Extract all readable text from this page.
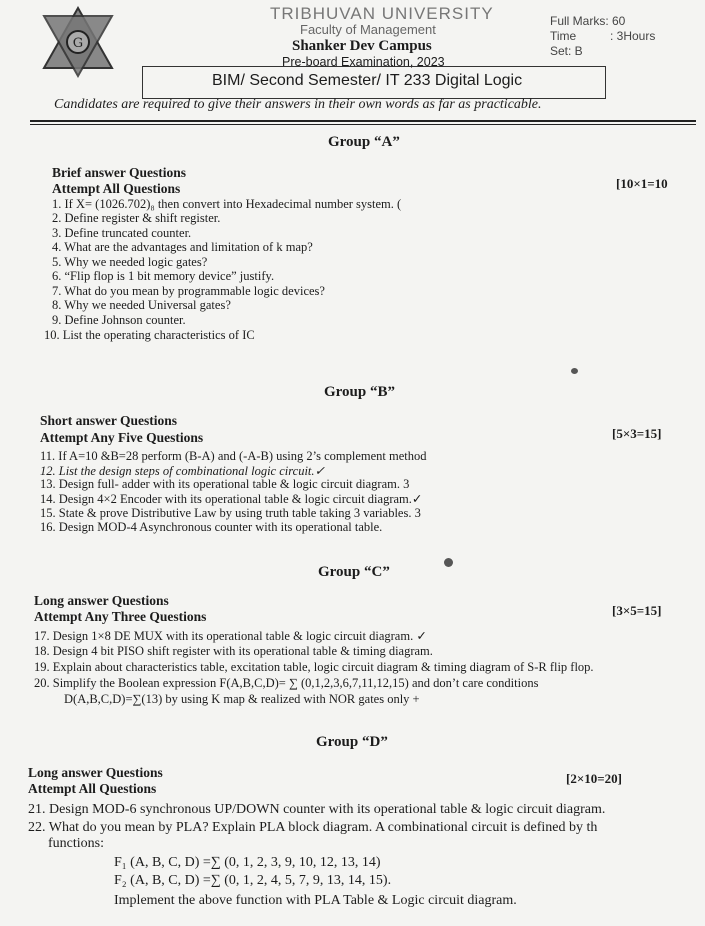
G
TRIBHUVAN UNIVERSITY
Faculty of Management
Shanker Dev Campus
Pre-board Examination, 2023
Full Marks: 60
Time	: 3Hours
Set: B
BIM/ Second Semester/ IT 233 Digital Logic
Candidates are required to give their answers in their own words as far as practicable.
Group “A”
Brief answer Questions
Attempt All Questions	[10×1=10
1. If X= (1026.702)₈ then convert into Hexadecimal number system. (
2. Define register & shift register.
3. Define truncated counter.
4. What are the advantages and limitation of k map?
5. Why we needed logic gates?
6. “Flip flop is 1 bit memory device” justify.
7. What do you mean by programmable logic devices?
8. Why we needed Universal gates?
9. Define Johnson counter.
10. List the operating characteristics of IC
Group “B”
Short answer Questions
Attempt Any Five Questions	[5×3=15]
11. If A=10 &B=28 perform (B-A) and (-A-B) using 2’s complement method
12. List the design steps of combinational logic circuit.✓
13. Design full- adder with its operational table & logic circuit diagram. 3
14. Design 4×2 Encoder with its operational table & logic circuit diagram.✓
15. State & prove Distributive Law by using truth table taking 3 variables. 3
16. Design MOD-4 Asynchronous counter with its operational table.
Group “C”
Long answer Questions
Attempt Any Three Questions	[3×5=15]
17. Design 1×8 DE MUX with its operational table & logic circuit diagram. ✓
18. Design 4 bit PISO shift register with its operational table & timing diagram.
19. Explain about characteristics table, excitation table, logic circuit diagram & timing diagram of S-R flip flop.
20. Simplify the Boolean expression F(A,B,C,D)= ∑ (0,1,2,3,6,7,11,12,15) and don’t care conditions
D(A,B,C,D)=∑(13) by using K map & realized with NOR gates only +
Group “D”
Long answer Questions
Attempt All Questions
[2×10=20]
21. Design MOD-6 synchronous UP/DOWN counter with its operational table & logic circuit diagram.
22. What do you mean by PLA? Explain PLA block diagram. A combinational circuit is defined by th
functions:
F₁ (A, B, C, D) =∑ (0, 1, 2, 3, 9, 10, 12, 13, 14)
F₂ (A, B, C, D) =∑ (0, 1, 2, 4, 5, 7, 9, 13, 14, 15).
Implement the above function with PLA Table & Logic circuit diagram.
